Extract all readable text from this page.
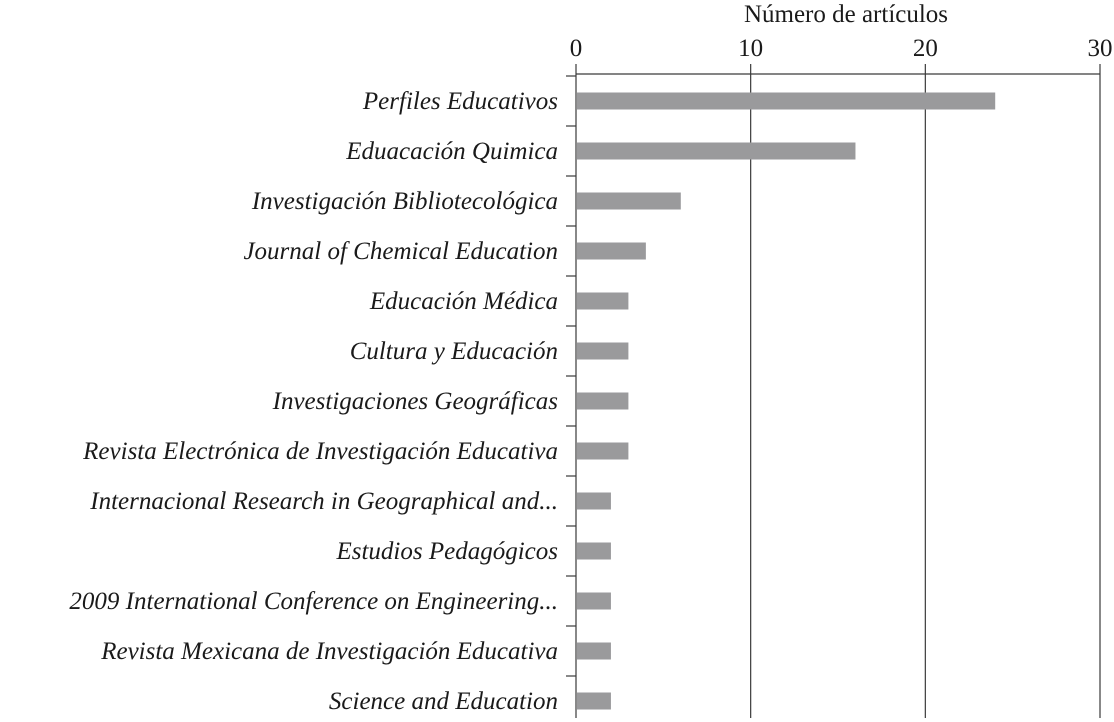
Número de artículos
0	10	20	30
Perfiles Educativos
Eduacación Quimica
Investigación Bibliotecológica
Journal of Chemical Education
Educación Médica
Cultura y Educación
Investigaciones Geográficas
Revista Electrónica de Investigación Educativa
Internacional Research in Geographical and...
Estudios Pedagógicos
2009 International Conference on Engineering...
Revista Mexicana de Investigación Educativa
Science and Education
